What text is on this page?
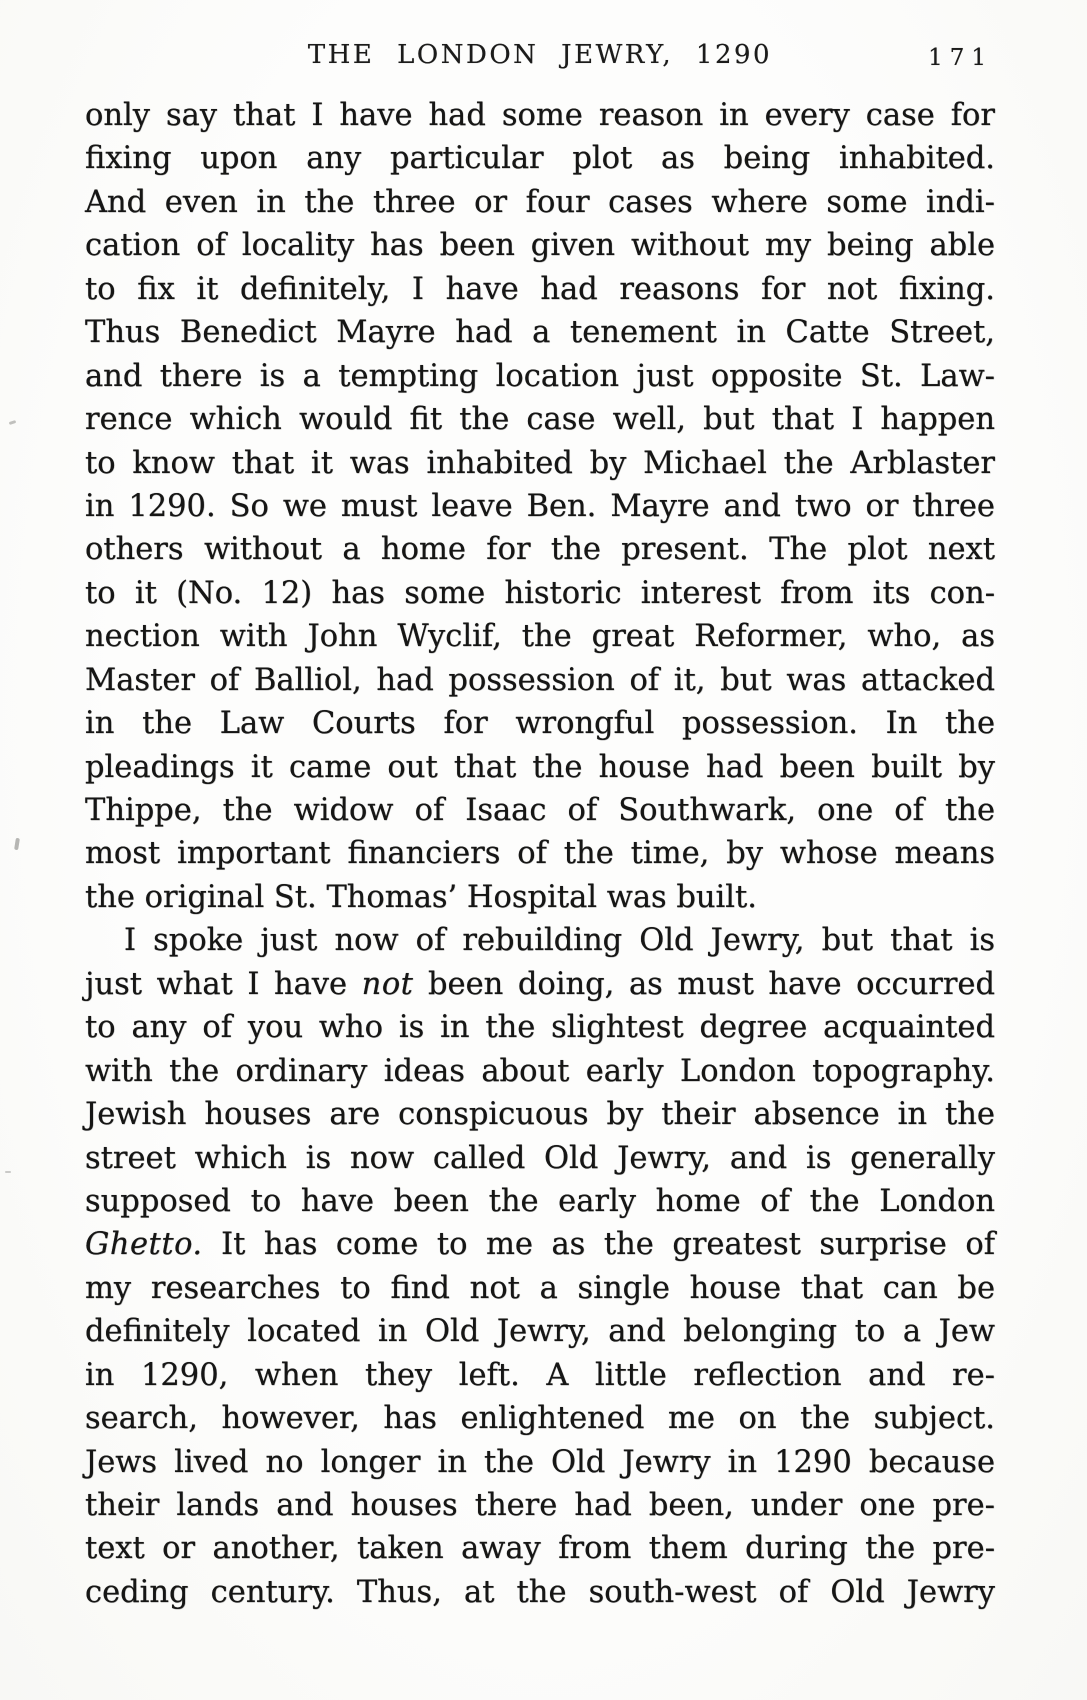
THE LONDON JEWRY, 1290	171
only say that I have had some reason in every case for
fixing upon any particular plot as being inhabited.
And even in the three or four cases where some indi-
cation of locality has been given without my being able
to fix it definitely, I have had reasons for not fixing.
Thus Benedict Mayre had a tenement in Catte Street,
and there is a tempting location just opposite St. Law-
rence which would fit the case well, but that I happen
to know that it was inhabited by Michael the Arblaster
in 1290. So we must leave Ben. Mayre and two or three
others without a home for the present. The plot next
to it (No. 12) has some historic interest from its con-
nection with John Wyclif, the great Reformer, who, as
Master of Balliol, had possession of it, but was attacked
in the Law Courts for wrongful possession. In the
pleadings it came out that the house had been built by
Thippe, the widow of Isaac of Southwark, one of the
most important financiers of the time, by whose means
the original St. Thomas’ Hospital was built.
I spoke just now of rebuilding Old Jewry, but that is
just what I have not been doing, as must have occurred
to any of you who is in the slightest degree acquainted
with the ordinary ideas about early London topography.
Jewish houses are conspicuous by their absence in the
street which is now called Old Jewry, and is generally
supposed to have been the early home of the London
Ghetto. It has come to me as the greatest surprise of
my researches to find not a single house that can be
definitely located in Old Jewry, and belonging to a Jew
in 1290, when they left. A little reflection and re-
search, however, has enlightened me on the subject.
Jews lived no longer in the Old Jewry in 1290 because
their lands and houses there had been, under one pre-
text or another, taken away from them during the pre-
ceding century. Thus, at the south-west of Old Jewry
